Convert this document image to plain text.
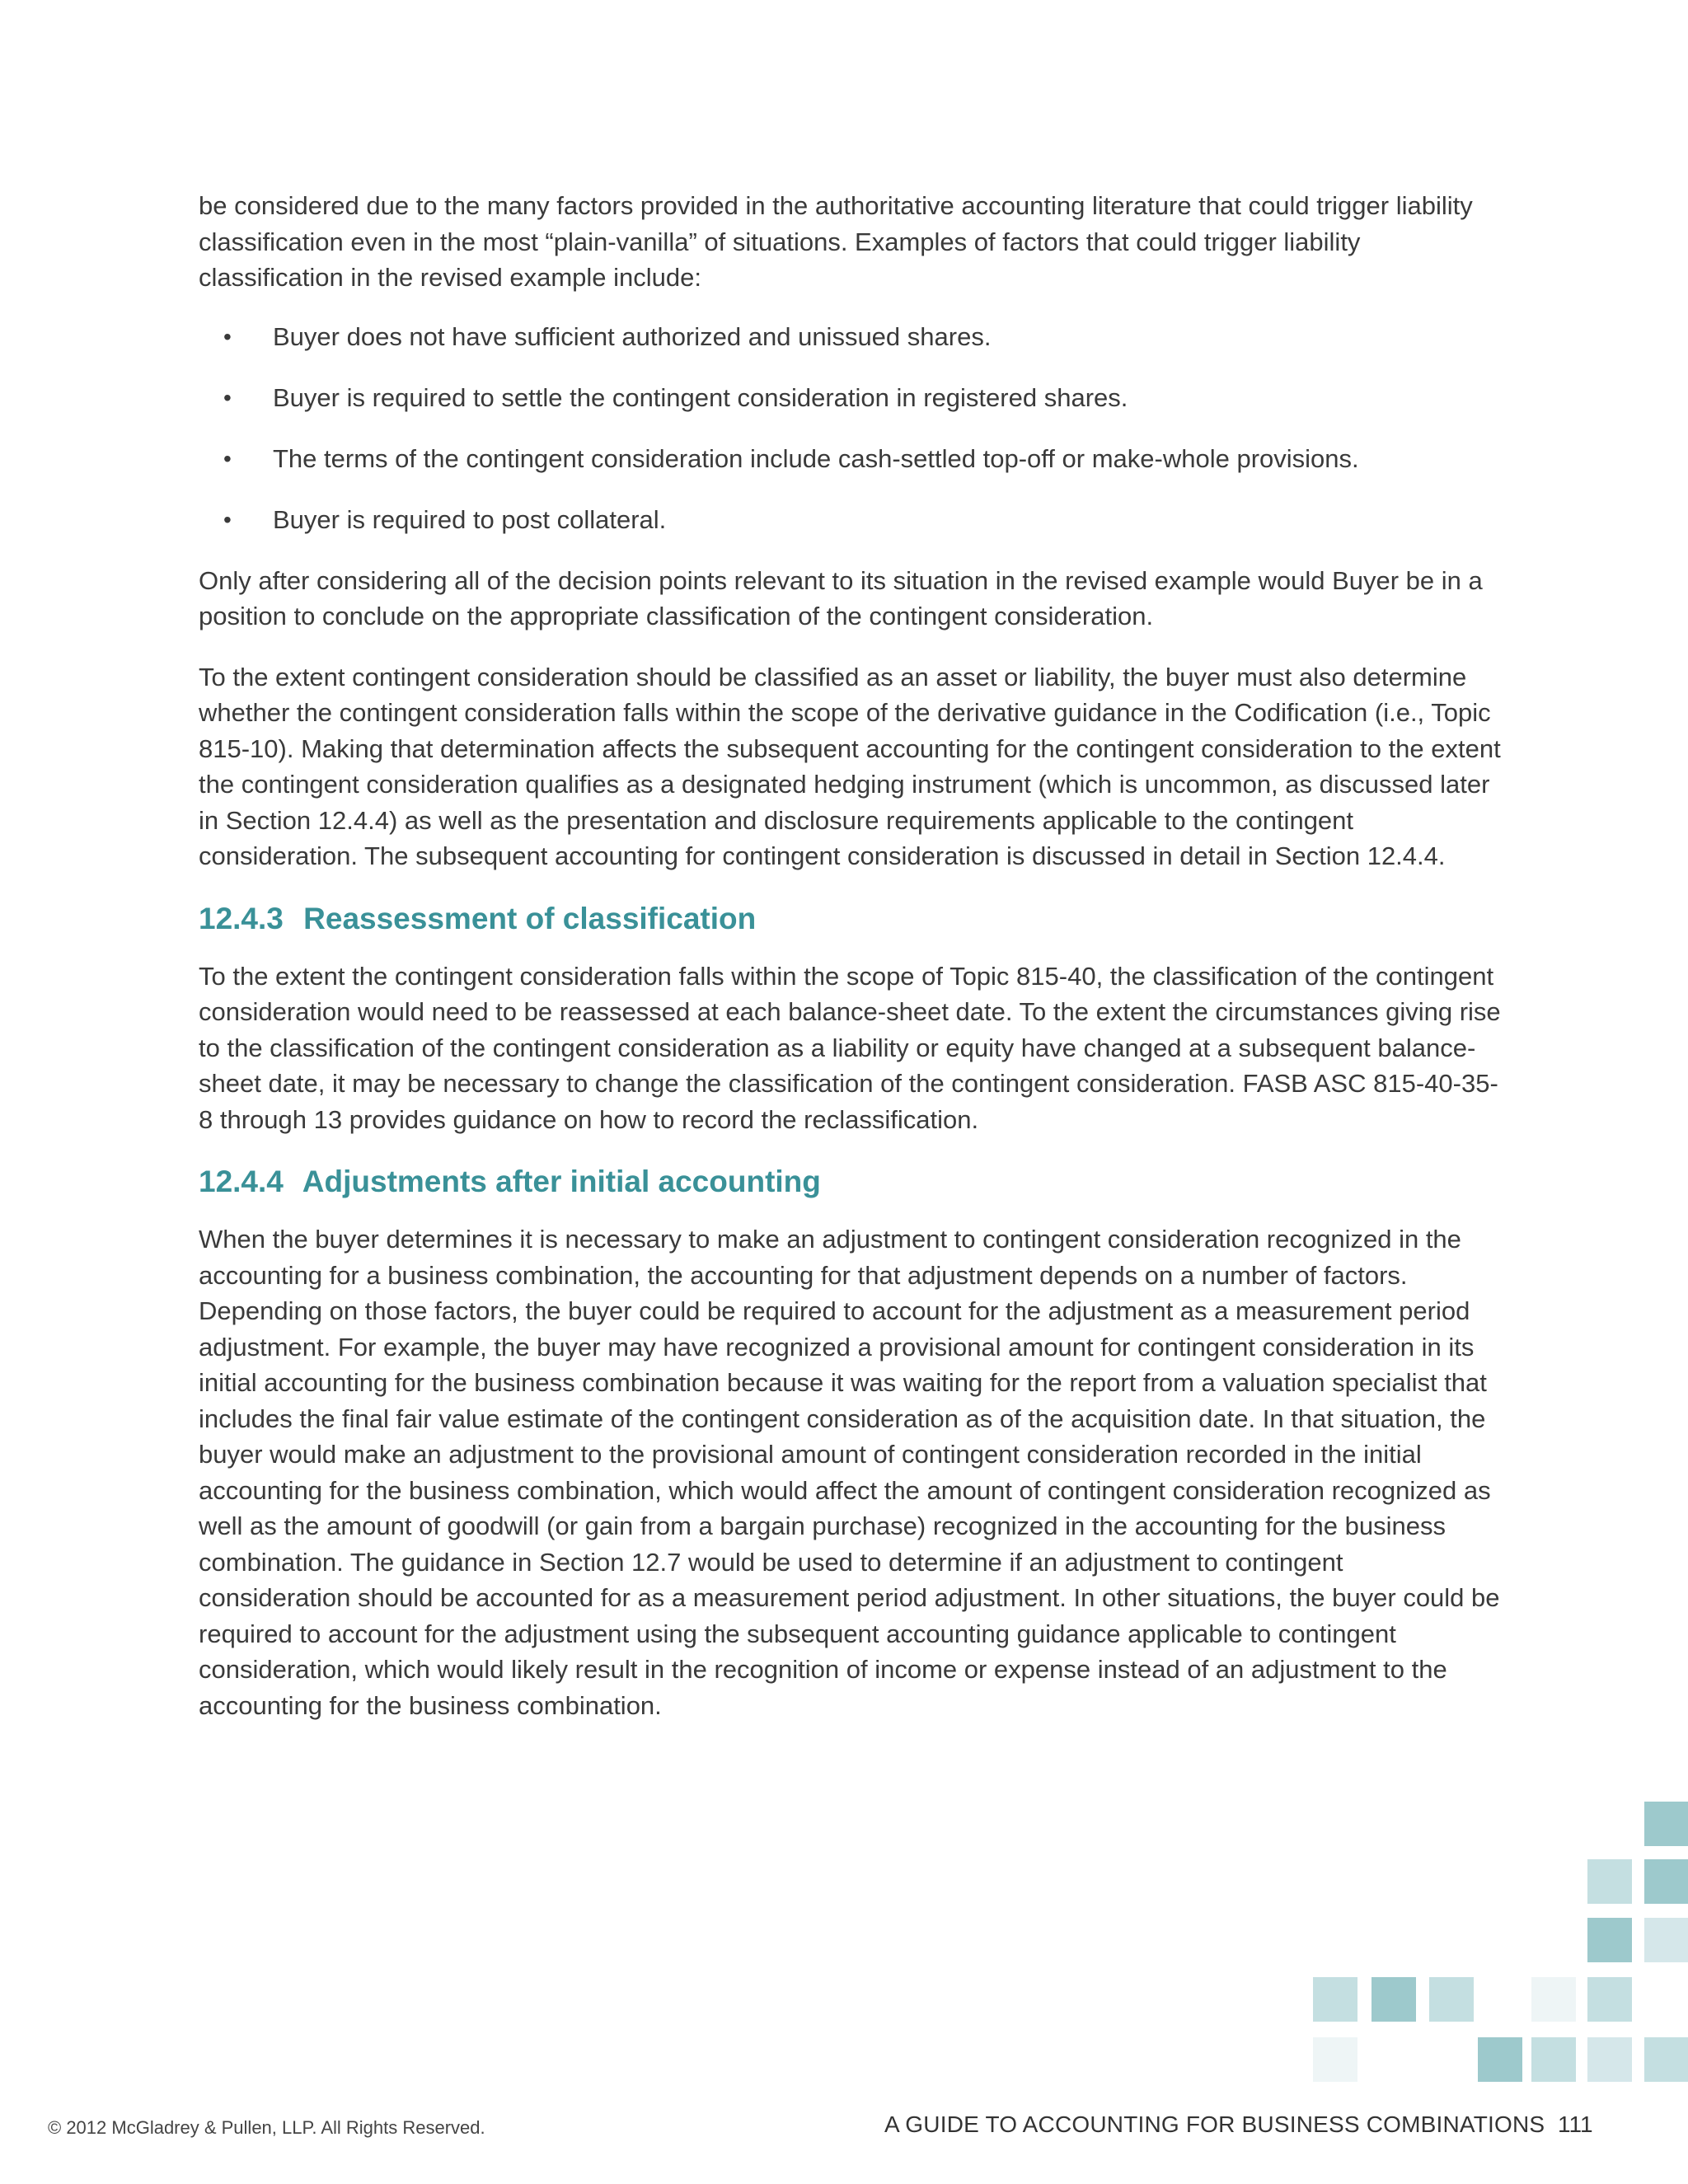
be considered due to the many factors provided in the authoritative accounting literature that could trigger liability classification even in the most “plain-vanilla” of situations. Examples of factors that could trigger liability classification in the revised example include:

• Buyer does not have sufficient authorized and unissued shares.
• Buyer is required to settle the contingent consideration in registered shares.
• The terms of the contingent consideration include cash-settled top-off or make-whole provisions.
• Buyer is required to post collateral.

Only after considering all of the decision points relevant to its situation in the revised example would Buyer be in a position to conclude on the appropriate classification of the contingent consideration.

To the extent contingent consideration should be classified as an asset or liability, the buyer must also determine whether the contingent consideration falls within the scope of the derivative guidance in the Codification (i.e., Topic 815-10). Making that determination affects the subsequent accounting for the contingent consideration to the extent the contingent consideration qualifies as a designated hedging instrument (which is uncommon, as discussed later in Section 12.4.4) as well as the presentation and disclosure requirements applicable to the contingent consideration. The subsequent accounting for contingent consideration is discussed in detail in Section 12.4.4.

12.4.3 Reassessment of classification

To the extent the contingent consideration falls within the scope of Topic 815-40, the classification of the contingent consideration would need to be reassessed at each balance-sheet date. To the extent the circumstances giving rise to the classification of the contingent consideration as a liability or equity have changed at a subsequent balance-sheet date, it may be necessary to change the classification of the contingent consideration. FASB ASC 815-40-35-8 through 13 provides guidance on how to record the reclassification.

12.4.4 Adjustments after initial accounting

When the buyer determines it is necessary to make an adjustment to contingent consideration recognized in the accounting for a business combination, the accounting for that adjustment depends on a number of factors. Depending on those factors, the buyer could be required to account for the adjustment as a measurement period adjustment. For example, the buyer may have recognized a provisional amount for contingent consideration in its initial accounting for the business combination because it was waiting for the report from a valuation specialist that includes the final fair value estimate of the contingent consideration as of the acquisition date. In that situation, the buyer would make an adjustment to the provisional amount of contingent consideration recorded in the initial accounting for the business combination, which would affect the amount of contingent consideration recognized as well as the amount of goodwill (or gain from a bargain purchase) recognized in the accounting for the business combination. The guidance in Section 12.7 would be used to determine if an adjustment to contingent consideration should be accounted for as a measurement period adjustment. In other situations, the buyer could be required to account for the adjustment using the subsequent accounting guidance applicable to contingent consideration, which would likely result in the recognition of income or expense instead of an adjustment to the accounting for the business combination.

© 2012 McGladrey & Pullen, LLP. All Rights Reserved.	A GUIDE TO ACCOUNTING FOR BUSINESS COMBINATIONS 111
